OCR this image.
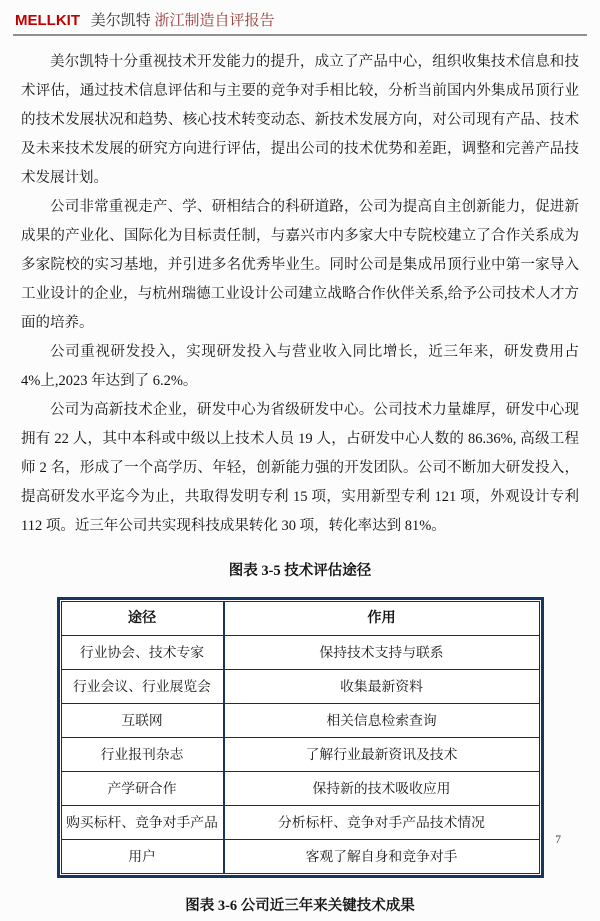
MELLKIT 美尔凯特 浙江制造自评报告

美尔凯特十分重视技术开发能力的提升，成立了产品中心，组织收集技术信息和技术评估，通过技术信息评估和与主要的竞争对手相比较，分析当前国内外集成吊顶行业的技术发展状况和趋势、核心技术转变动态、新技术发展方向，对公司现有产品、技术及未来技术发展的研究方向进行评估，提出公司的技术优势和差距，调整和完善产品技术发展计划。

公司非常重视走产、学、研相结合的科研道路，公司为提高自主创新能力，促进新成果的产业化、国际化为目标责任制，与嘉兴市内多家大中专院校建立了合作关系成为多家院校的实习基地，并引进多名优秀毕业生。同时公司是集成吊顶行业中第一家导入工业设计的企业，与杭州瑞德工业设计公司建立战略合作伙伴关系,给予公司技术人才方面的培养。

公司重视研发投入，实现研发投入与营业收入同比增长，近三年来，研发费用占 4%上,2023 年达到了 6.2%。

公司为高新技术企业，研发中心为省级研发中心。公司技术力量雄厚，研发中心现拥有 22 人，其中本科或中级以上技术人员 19 人，占研发中心人数的 86.36%, 高级工程师 2 名，形成了一个高学历、年轻，创新能力强的开发团队。公司不断加大研发投入，提高研发水平迄今为止，共取得发明专利 15 项，实用新型专利 121 项，外观设计专利 112 项。近三年公司共实现科技成果转化 30 项，转化率达到 81%。

图表 3-5 技术评估途径
途径	作用
行业协会、技术专家	保持技术支持与联系
行业会议、行业展览会	收集最新资料
互联网	相关信息检索查询
行业报刊杂志	了解行业最新资讯及技术
产学研合作	保持新的技术吸收应用
购买标杆、竞争对手产品	分析标杆、竞争对手产品技术情况
用户	客观了解自身和竞争对手
图表 3-6 公司近三年来关键技术成果
7
